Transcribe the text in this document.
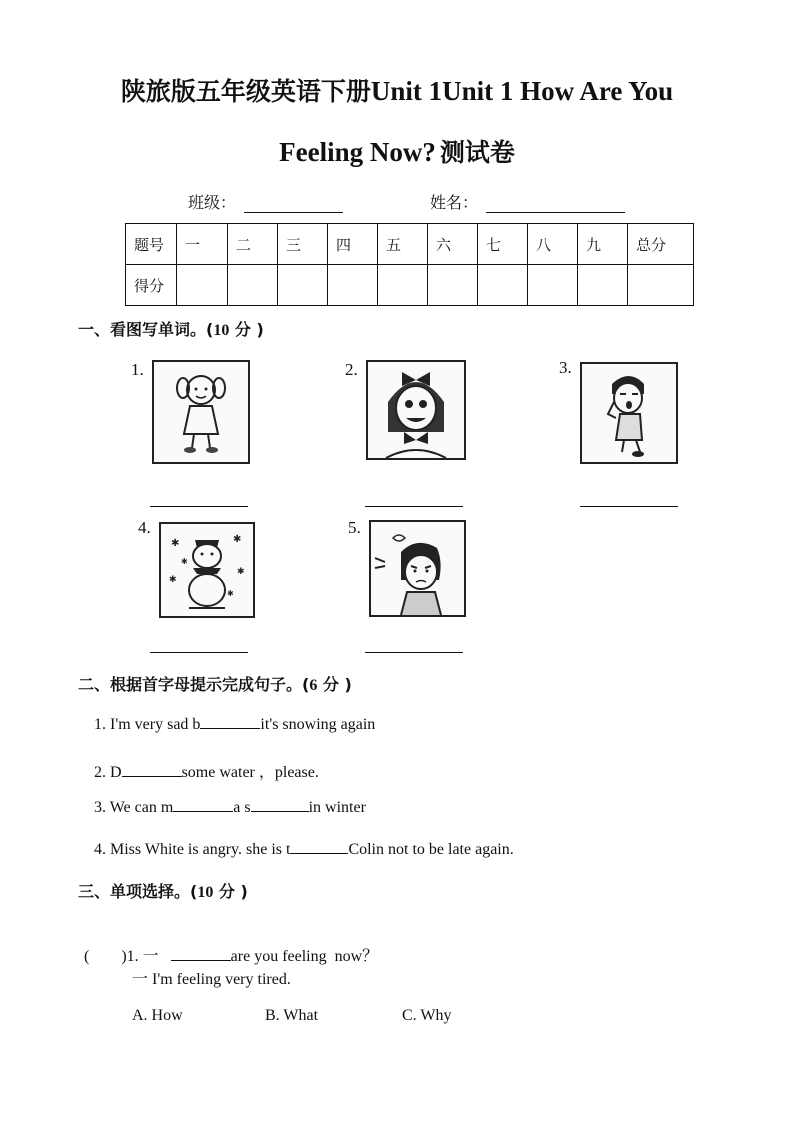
陕旅版五年级英语下册Unit 1Unit 1 How Are You
Feeling Now? 测试卷
班级：	姓名：
题号	一	二	三	四	五	六	七	八	九	总分
得分										
一、看图写单词。(10 分 )
1.	2.	3.
4.
✱	✱
✱
✱
✱
✱
5.
二、根据首字母提示完成句子。(6 分 )
1. I'm very sad b	it's snowing again
2. D	some water ，please.
3. We can m	a s	in winter
4. Miss White is angry. she is t	Colin not to be late again.
三、单项选择。(10 分 )

(        )1. 一	are you feeling  now？

一 I'm feeling very tired.
A. How	B. What	C. Why
